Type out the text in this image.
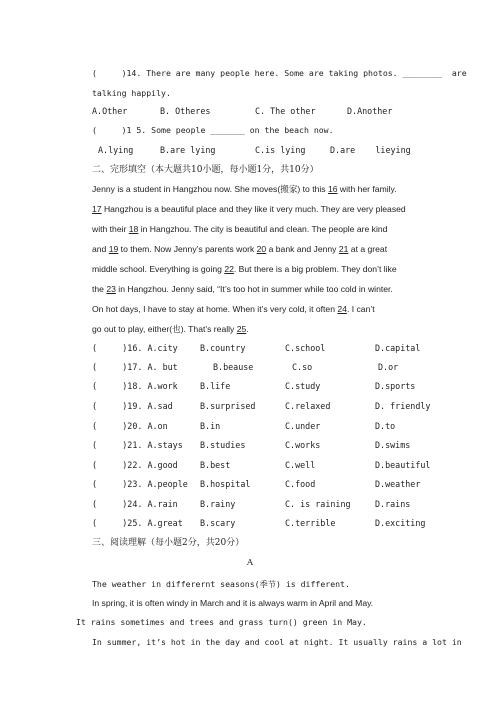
(     )14. There are many people here. Some are taking photos. ________  are
talking happily.
A.Other	B. Otheres	C. The other	D.Another
(     )1 5. Some people _______ on the beach now.
A.lying	B.are lying	C.is lying	D.are    lieying
二、完形填空（本大题共10小题，每小题1分，共10分）
Jenny is a student in Hangzhou now. She moves(搬家) to this 16 with her family.
17 Hangzhou is a beautiful place and they like it very much. They are very pleased
with their 18 in Hangzhou. The city is beautiful and clean. The people are kind
and 19 to them. Now Jenny’s parents work 20 a bank and Jenny 21 at a great
middle school. Everything is going 22. But there is a big problem. They don’t like
the 23 in Hangzhou. Jenny said, “It’s too hot in summer while too cold in winter.
On hot days, I have to stay at home. When it’s very cold, it often 24. I can’t
go out to play, either(也). That’s really 25.
(     )16. A.city	B.country	C.school	D.capital
(     )17. A. but	B.beause	C.so	D.or
(     )18. A.work	B.life	C.study	D.sports
(     )19. A.sad	B.surprised	C.relaxed	D. friendly
(     )20. A.on	B.in	C.under	D.to
(     )21. A.stays B.studies	C.works	D.swims
(     )22. A.good	B.best	C.well	D.beautiful
(     )23. A.people B.hospital	C.food	D.weather
(     )24. A.rain	B.rainy	C. is raining	D.rains
(     )25. A.great B.scary	C.terrible	D.exciting
三、阅读理解（每小题2分，共20分）
A
The weather in differernt seasons(季节) is different.
In spring, it is often windy in March and it is always warm in April and May.
It rains sometimes and trees and grass turn() green in May.
In summer, it’s hot in the day and cool at night. It usually rains a lot in
